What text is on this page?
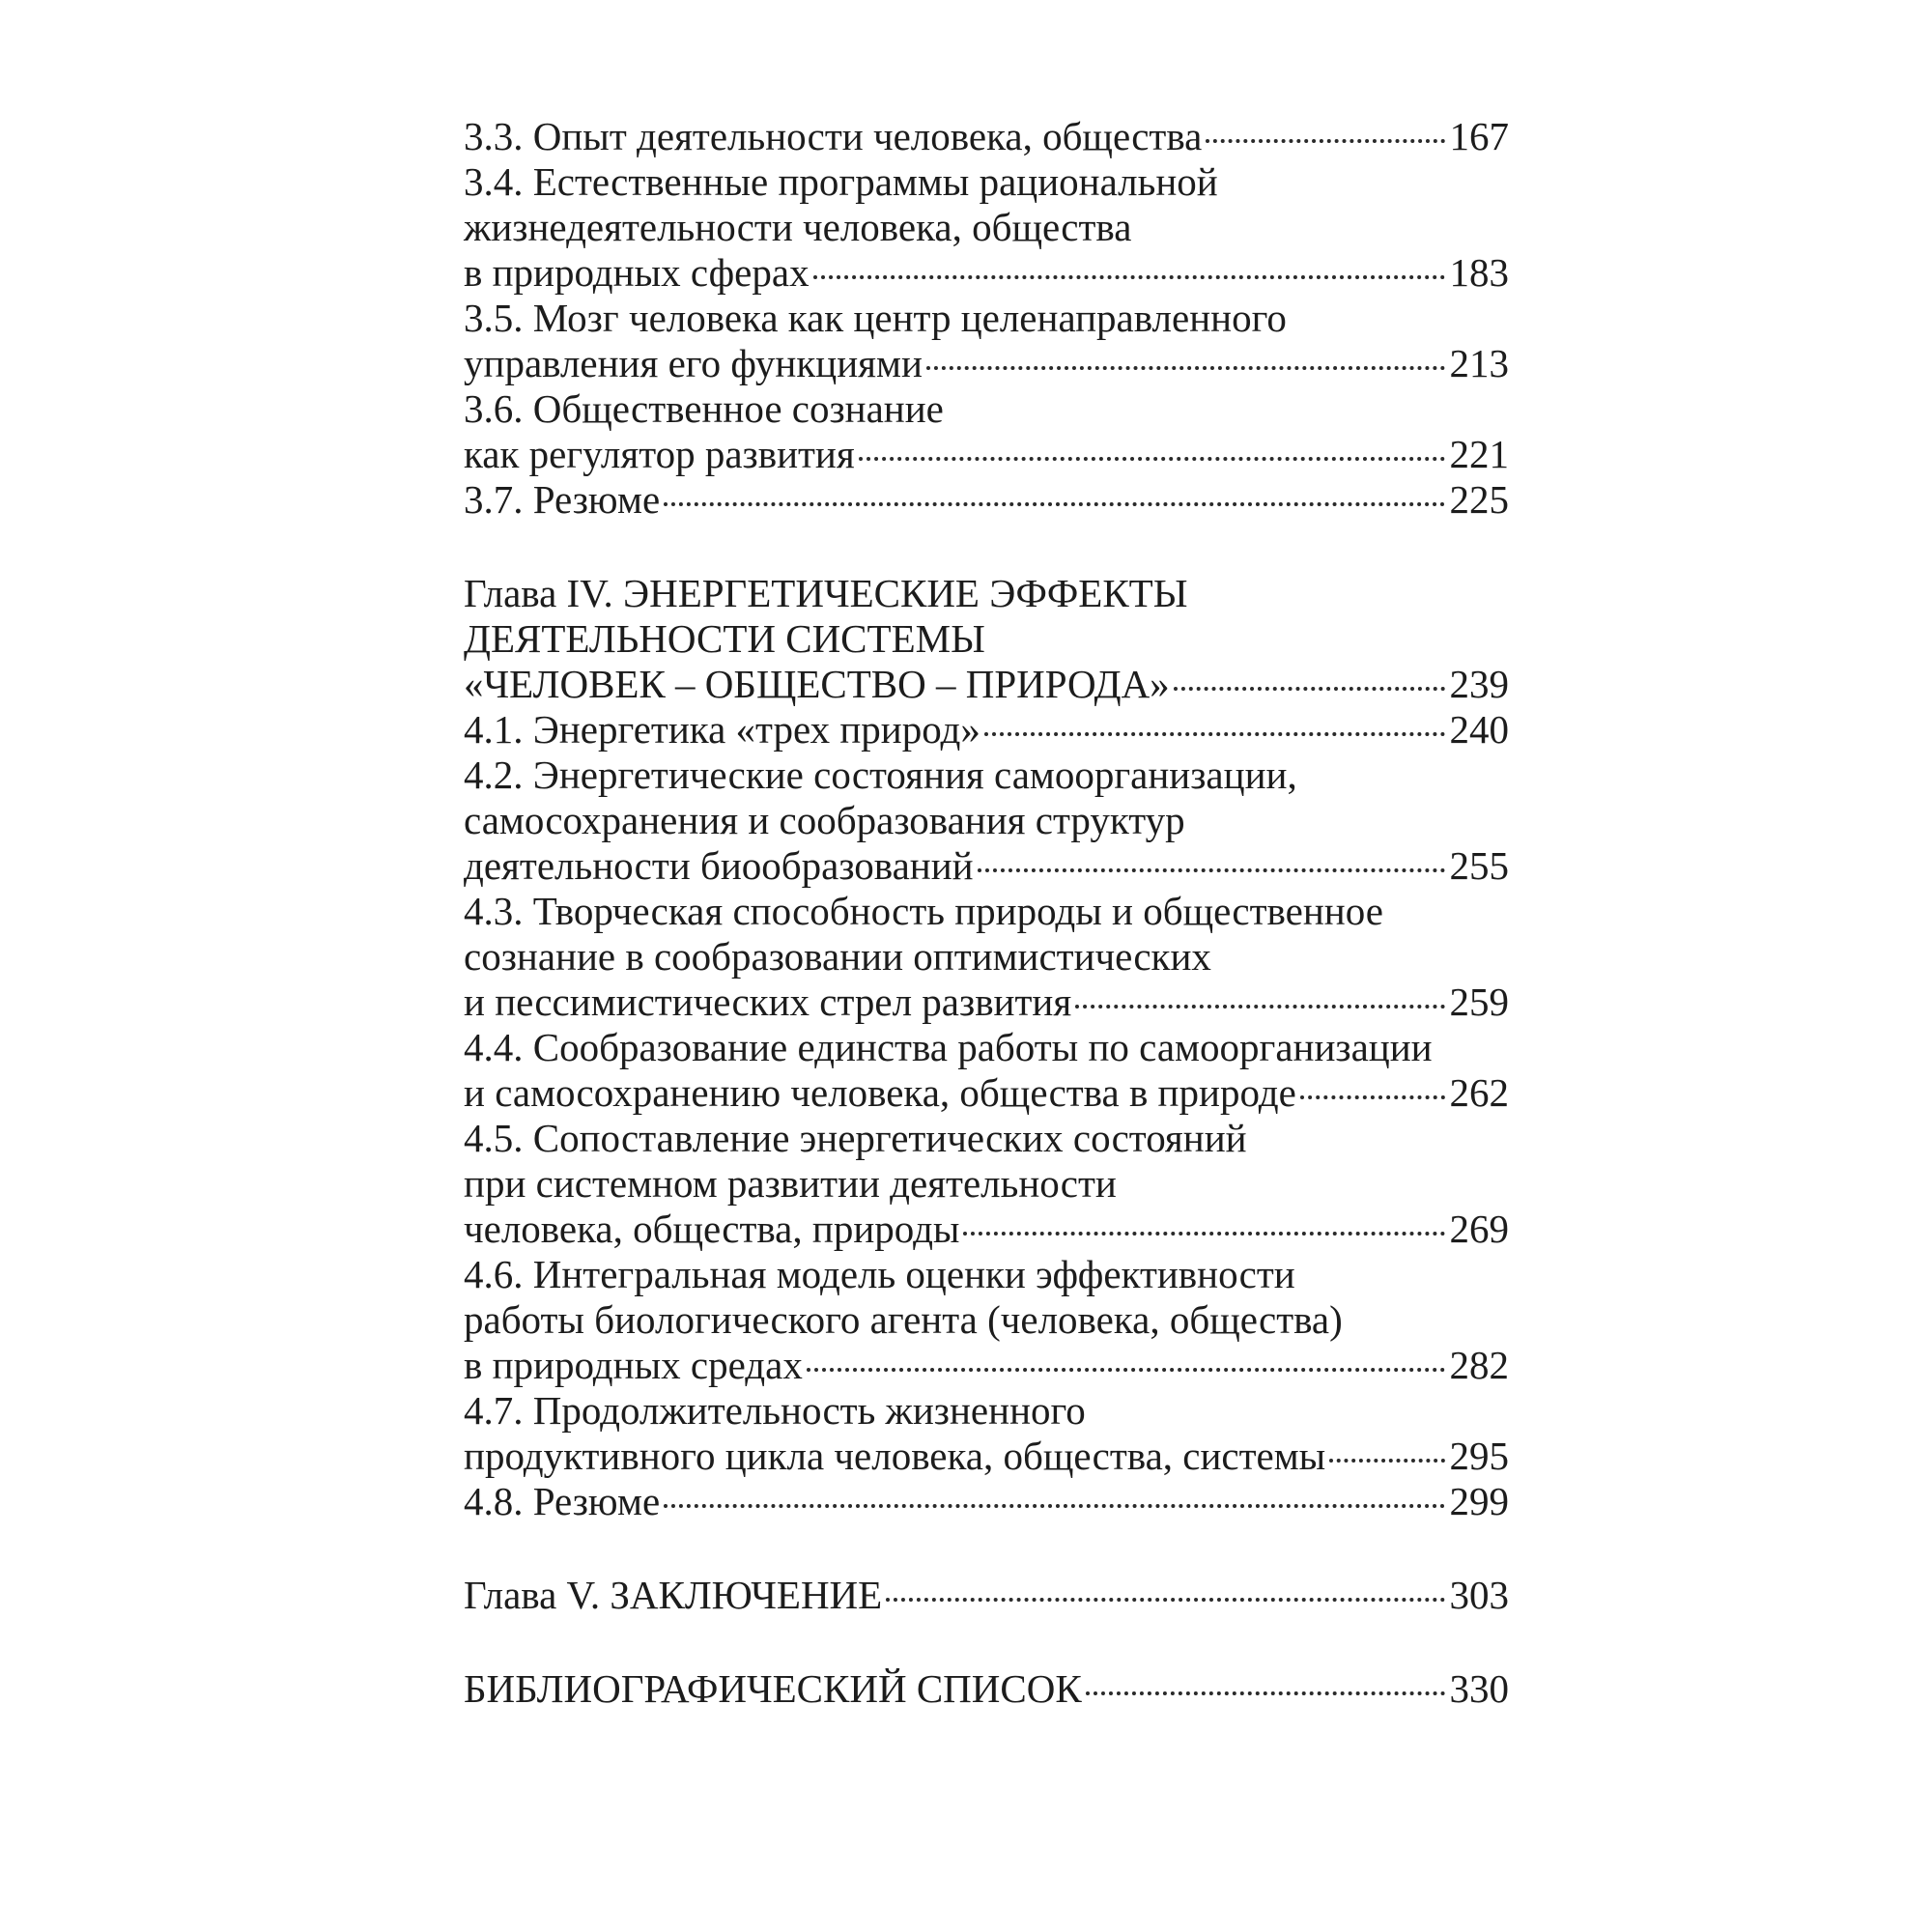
3.3. Опыт деятельности человека, общества	167
3.4. Естественные программы рациональной
жизнедеятельности человека, общества
в природных сферах	183
3.5. Мозг человека как центр целенаправленного
управления его функциями	213
3.6. Общественное сознание
как регулятор развития	221
3.7. Резюме	225
Глава IV. ЭНЕРГЕТИЧЕСКИЕ ЭФФЕКТЫ
ДЕЯТЕЛЬНОСТИ СИСТЕМЫ
«ЧЕЛОВЕК – ОБЩЕСТВО – ПРИРОДА»	239
4.1. Энергетика «трех природ»	240
4.2. Энергетические состояния самоорганизации,
самосохранения и сообразования структур
деятельности биообразований	255
4.3. Творческая способность природы и общественное
сознание в сообразовании оптимистических
и пессимистических стрел развития	259
4.4. Сообразование единства работы по самоорганизации
и самосохранению человека, общества в природе	262
4.5. Сопоставление энергетических состояний
при системном развитии деятельности
человека, общества, природы	269
4.6. Интегральная модель оценки эффективности
работы биологического агента (человека, общества)
в природных средах	282
4.7. Продолжительность жизненного
продуктивного цикла человека, общества, системы	295
4.8. Резюме	299
Глава V. ЗАКЛЮЧЕНИЕ	303
БИБЛИОГРАФИЧЕСКИЙ СПИСОК	330
